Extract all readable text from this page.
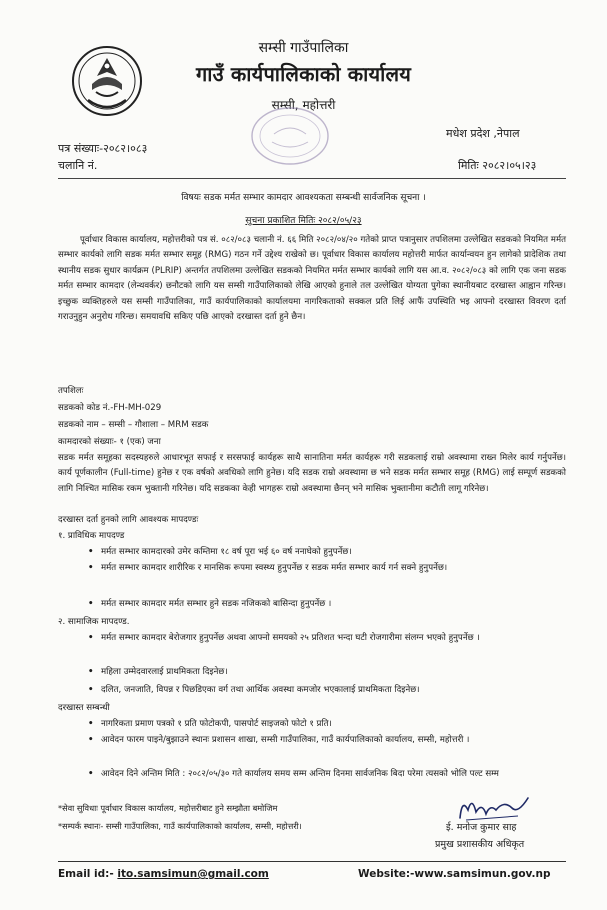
सम्सी गाउँपालिका
गाउँ कार्यपालिकाको कार्यालय
सम्सी, महोत्तरी
मधेश प्रदेश ,नेपाल
पत्र संख्याः-२०८२।०८३
चलानि नं.	मितिः २०८२।०५।२३
विषयः सडक मर्मत सम्भार कामदार आवश्यकता सम्बन्धी सार्वजनिक सूचना ।
सुचना प्रकाशित मितिः २०८२/०५/२३
पूर्वाधार विकास कार्यालय, महोत्तरीको पत्र सं. ०८२/०८३ चलानी नं. ६६ मिति २०८२/०४/२० गतेको प्राप्त पत्रानुसार तपशिलमा उल्लेखित सडकको नियमित मर्मत सम्भार कार्यको लागि सडक मर्मत सम्भार समूह (RMG) गठन गर्ने उद्देश्य राखेको छ। पूर्वाधार विकास कार्यालय महोत्तरी मार्फत कार्यान्वयन हुन लागेको प्रादेशिक तथा स्थानीय सडक सुधार कार्यक्रम (PLRIP) अन्तर्गत तपशिलमा उल्लेखित सडकको नियमित मर्मत सम्भार कार्यको लागि यस आ.व. २०८२/०८३ को लागि एक जना सडक मर्मत सम्भार कामदार (लेन्थवर्कर) छनौटको लागि यस सम्सी गाउँपालिकाको लेखि आएको हुनाले तल उल्लेखित योग्यता पुगेका स्थानीयबाट दरखास्त आह्वान गरिन्छ। इच्छुक व्यक्तिहरुले यस सम्सी गाउँपालिका, गाउँ कार्यपालिकाको कार्यालयमा नागरिकताको सक्कल प्रति लिई आफैं उपस्थिति भइ आफ्नो दरखास्त विवरण दर्ता गराउनुहुन अनुरोध गरिन्छ। समयावधि सकिए पछि आएको दरखास्त दर्ता हुने छैन।
तपशिलः
सडकको कोड नं.-FH-MH-029
सडकको नाम – सम्सी – गौशाला – MRM सडक
कामदारको संख्याः- १ (एक) जना
सडक मर्मत समूहका सदस्यहरुले आधारभूत सफाई र सरसफाई कार्यहरू साथै सानातिना मर्मत कार्यहरू गरी सडकलाई राम्रो अवस्थामा राख्न मिलेर कार्य गर्नुपर्नेछ। कार्य पूर्णकालीन (Full-time) हुनेछ र एक वर्षको अवधिको लागि हुनेछ। यदि सडक राम्रो अवस्थामा छ भने सडक मर्मत सम्भार समूह (RMG) लाई सम्पूर्ण सडकको लागि निश्चित मासिक रकम भुक्तानी गरिनेछ। यदि सडकका केही भागहरू राम्रो अवस्थामा छैनन् भने मासिक भुक्तानीमा कटौती लागू गरिनेछ।
दरखास्त दर्ता हुनको लागि आवश्यक मापदण्डः
१. प्राविधिक मापदण्ड
• मर्मत सम्भार कामदारको उमेर कम्तिमा १८ वर्ष पूरा भई ६० वर्ष ननाघेको हुनुपर्नेछ।
• मर्मत सम्भार कामदार शारीरिक र मानसिक रूपमा स्वस्थ्य हुनुपर्नेछ र सडक मर्मत सम्भार कार्य गर्न सक्ने हुनुपर्नेछ।
• मर्मत सम्भार कामदार मर्मत सम्भार हुने सडक नजिकको बासिन्दा हुनुपर्नेछ ।
२. सामाजिक मापदण्ड.
• मर्मत सम्भार कामदार बेरोजगार हुनुपर्नेछ अथवा आफ्नो समयको २५ प्रतिशत भन्दा घटी रोजगारीमा संलग्न भएको हुनुपर्नेछ ।
• महिला उम्मेदवारलाई प्राथमिकता दिइनेछ।
• दलित, जनजाति, विपन्न र पिछडिएका वर्ग तथा आर्थिक अवस्था कमजोर भएकालाई प्राथमिकता दिइनेछ।
दरखास्त सम्बन्धी
• नागरिकता प्रमाण पत्रको १ प्रति फोटोकपी, पासपोर्ट साइजको फोटो १ प्रति।
• आवेदन फारम पाइने/बुझाउने स्थानः प्रशासन शाखा, सम्सी गाउँपालिका, गाउँ कार्यपालिकाको कार्यालय, सम्सी, महोत्तरी ।
• आवेदन दिने अन्तिम मिति : २०८२/०५/३० गते कार्यालय समय सम्म अन्तिम दिनमा सार्वजनिक बिदा परेमा त्यसको भोलि पल्ट सम्म
*सेवा सुविधाः पूर्वाधार विकास कार्यालय, महोत्तरीबाट हुने सम्झौता बमोजिम
*सम्पर्क स्थानः- सम्सी गाउँपालिका, गाउँ कार्यपालिकाको कार्यालय, सम्सी, महोत्तरी।	ई. मनोज कुमार साह
प्रमुख प्रशासकीय अधिकृत
Email id:- ito.samsimun@gmail.com	Website:-www.samsimun.gov.np
